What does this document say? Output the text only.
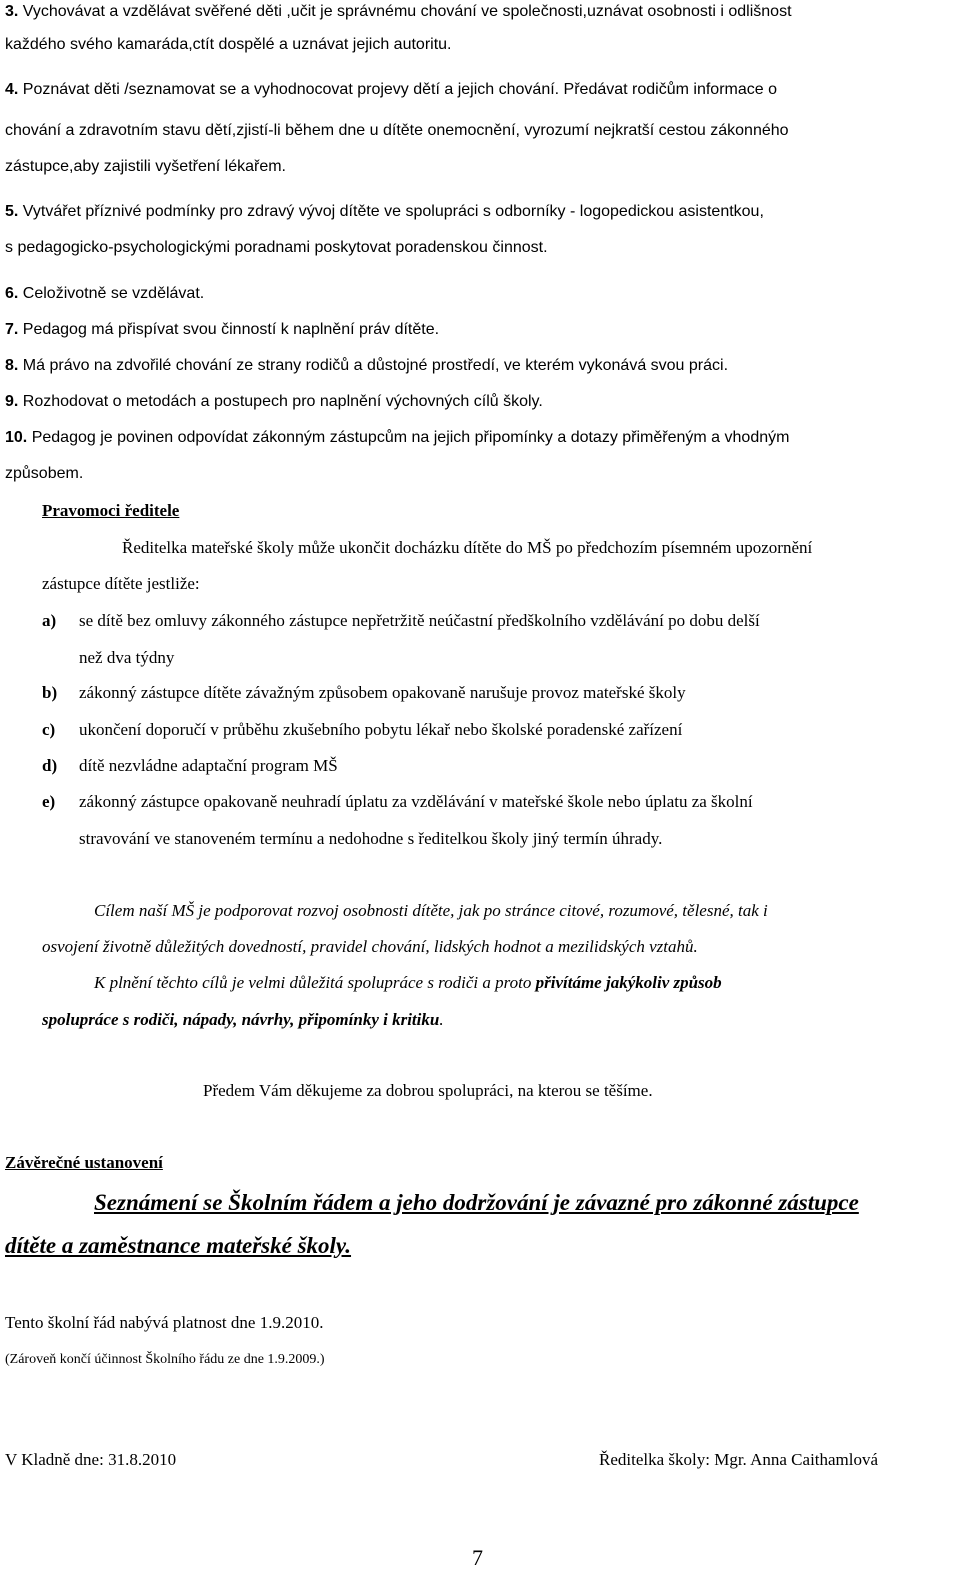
3. Vychovávat a vzdělávat svěřené děti ,učit je správnému chování ve společnosti,uznávat osobnosti i odlišnost
každého svého kamaráda,ctít dospělé a uznávat jejich autoritu.
4. Poznávat děti /seznamovat se a vyhodnocovat projevy dětí a jejich chování. Předávat rodičům informace o
chování a zdravotním stavu dětí,zjistí-li během dne u dítěte onemocnění, vyrozumí nejkratší cestou zákonného
zástupce,aby zajistili vyšetření lékařem.
5. Vytvářet příznivé podmínky pro zdravý vývoj dítěte ve spolupráci s odborníky - logopedickou asistentkou,
s pedagogicko-psychologickými poradnami poskytovat poradenskou činnost.
6. Celoživotně se vzdělávat.
7. Pedagog má přispívat svou činností k naplnění práv dítěte.
8. Má právo na zdvořilé chování ze strany rodičů a důstojné prostředí, ve kterém vykonává svou práci.
9. Rozhodovat o metodách a postupech pro naplnění výchovných cílů školy.
10. Pedagog je povinen odpovídat zákonným zástupcům na jejich připomínky a dotazy přiměřeným a vhodným
způsobem.
Pravomoci ředitele
Ředitelka mateřské školy může ukončit docházku dítěte do MŠ po předchozím písemném upozornění
zástupce dítěte jestliže:
a) se dítě bez omluvy zákonného zástupce nepřetržitě neúčastní předškolního vzdělávání po dobu delší
než dva týdny
b) zákonný zástupce dítěte závažným způsobem opakovaně narušuje provoz mateřské školy
c) ukončení doporučí v průběhu zkušebního pobytu lékař nebo školské poradenské zařízení
d) dítě nezvládne adaptační program MŠ
e) zákonný zástupce opakovaně neuhradí úplatu za vzdělávání v mateřské škole nebo úplatu za školní
stravování ve stanoveném termínu a nedohodne s ředitelkou školy jiný termín úhrady.
Cílem naší MŠ je podporovat rozvoj osobnosti dítěte, jak po stránce citové, rozumové, tělesné, tak i
osvojení životně důležitých dovedností, pravidel chování, lidských hodnot a mezilidských vztahů.
K plnění těchto cílů je velmi důležitá spolupráce s rodiči a proto přivítáme jakýkoliv způsob
spolupráce s rodiči, nápady, návrhy, připomínky i kritiku.
Předem Vám děkujeme za dobrou spolupráci, na kterou se těšíme.
Závěrečné ustanovení
Seznámení se Školním řádem a jeho dodržování je závazné pro zákonné zástupce
dítěte a zaměstnance mateřské školy.
Tento školní řád nabývá platnost dne 1.9.2010.
(Zároveň končí účinnost Školního řádu ze dne 1.9.2009.)
V Kladně dne: 31.8.2010	Ředitelka školy: Mgr. Anna Caithamlová
7
